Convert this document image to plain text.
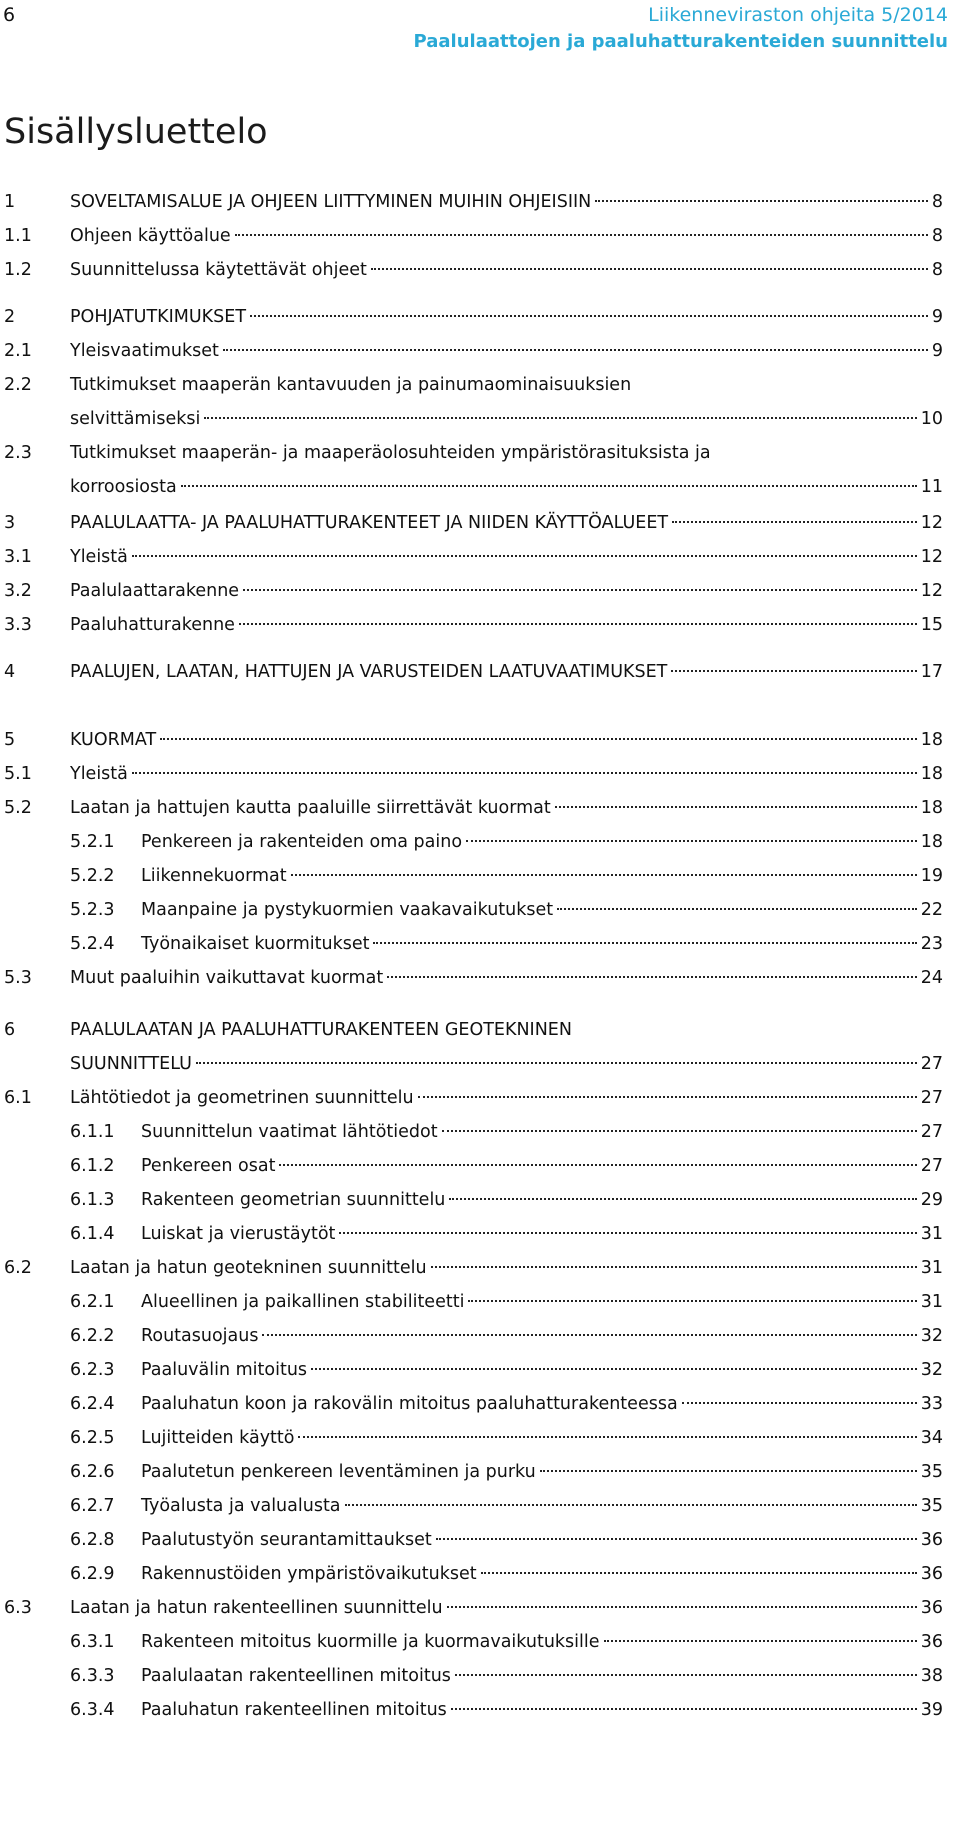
6	Liikenneviraston ohjeita 5/2014
Paalulaattojen ja paaluhatturakenteiden suunnittelu
Sisällysluettelo
1	SOVELTAMISALUE JA OHJEEN LIITTYMINEN MUIHIN OHJEISIIN	8
1.1 Ohjeen käyttöalue	8
1.2 Suunnittelussa käytettävät ohjeet	8
2	POHJATUTKIMUKSET	9
2.1 Yleisvaatimukset	9
2.2 Tutkimukset maaperän kantavuuden ja painumaominaisuuksien
selvittämiseksi	10
2.3 Tutkimukset maaperän- ja maaperäolosuhteiden ympäristörasituksista ja
korroosiosta	11
3	PAALULAATTA- JA PAALUHATTURAKENTEET JA NIIDEN KÄYTTÖALUEET	12
3.1 Yleistä	12
3.2 Paalulaattarakenne	12
3.3 Paaluhatturakenne	15
4	PAALUJEN, LAATAN, HATTUJEN JA VARUSTEIDEN LAATUVAATIMUKSET	17
5	KUORMAT	18
5.1 Yleistä	18
5.2 Laatan ja hattujen kautta paaluille siirrettävät kuormat	18
5.2.1 Penkereen ja rakenteiden oma paino	18
5.2.2 Liikennekuormat	19
5.2.3 Maanpaine ja pystykuormien vaakavaikutukset	22
5.2.4 Työnaikaiset kuormitukset	23
5.3 Muut paaluihin vaikuttavat kuormat	24
6	PAALULAATAN JA PAALUHATTURAKENTEEN GEOTEKNINEN
SUUNNITTELU	27
6.1 Lähtötiedot ja geometrinen suunnittelu	27
6.1.1 Suunnittelun vaatimat lähtötiedot	27
6.1.2 Penkereen osat	27
6.1.3 Rakenteen geometrian suunnittelu	29
6.1.4 Luiskat ja vierustäytöt	31
6.2 Laatan ja hatun geotekninen suunnittelu	31
6.2.1 Alueellinen ja paikallinen stabiliteetti	31
6.2.2 Routasuojaus	32
6.2.3 Paaluvälin mitoitus	32
6.2.4 Paaluhatun koon ja rakovälin mitoitus paaluhatturakenteessa	33
6.2.5 Lujitteiden käyttö	34
6.2.6 Paalutetun penkereen leventäminen ja purku	35
6.2.7 Työalusta ja valualusta	35
6.2.8 Paalutustyön seurantamittaukset	36
6.2.9 Rakennustöiden ympäristövaikutukset	36
6.3 Laatan ja hatun rakenteellinen suunnittelu	36
6.3.1 Rakenteen mitoitus kuormille ja kuormavaikutuksille	36
6.3.3 Paalulaatan rakenteellinen mitoitus	38
6.3.4 Paaluhatun rakenteellinen mitoitus	39
